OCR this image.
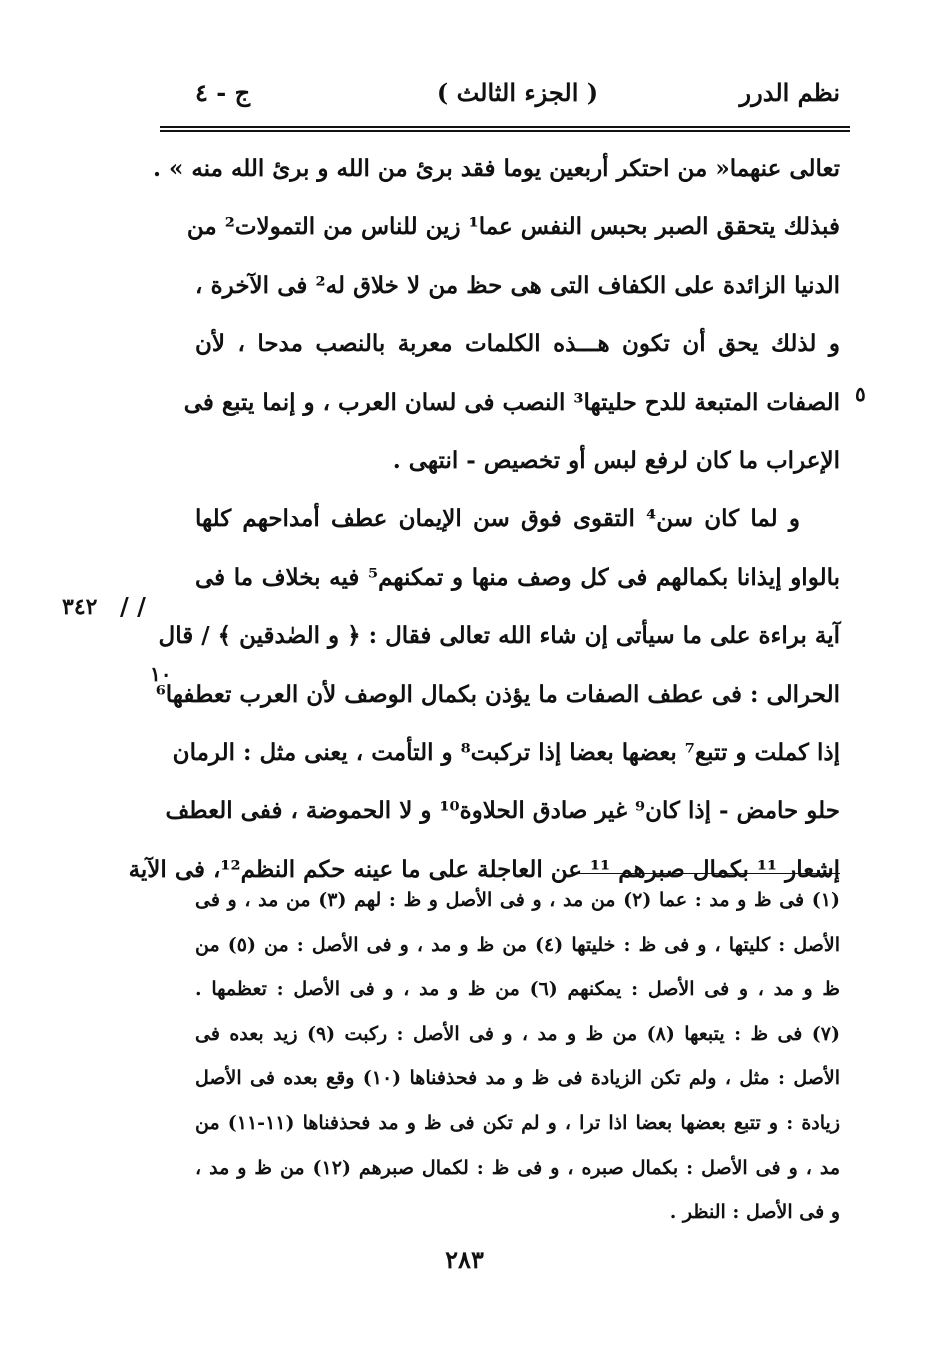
نظم الدرر
( الجزء الثالث )
ج - ٤
تعالى عنهما« من احتكر أربعين يوما فقد برئ من الله و برئ الله منه » .
فبذلك يتحقق الصبر بحبس النفس عما¹ زين للناس من التمولات² من
الدنيا الزائدة على الكفاف التى هى حظ من لا خلاق له² فى الآخرة ،
و لذلك يحق أن تكون هـــذه الكلمات معربة بالنصب مدحا ، لأن
الصفات المتبعة للدح حليتها³ النصب فى لسان العرب ، و إنما يتبع فى
الإعراب ما كان لرفع لبس أو تخصيص - انتهى .
و لما كان سن⁴ التقوى فوق سن الإيمان عطف أمداحهم كلها
بالواو إيذانا بكمالهم فى كل وصف منها و تمكنهم⁵ فيه بخلاف ما فى
آية براءة على ما سيأتى إن شاء الله تعالى فقال : ﴿ و الصٰدقين ﴾ / قال
الحرالى : فى عطف الصفات ما يؤذن بكمال الوصف لأن العرب تعطفها⁶
إذا كملت و تتبع⁷ بعضها بعضا إذا تركبت⁸ و التأمت ، يعنى مثل : الرمان
حلو حامض - إذا كان⁹ غير صادق الحلاوة¹⁰ و لا الحموضة ، ففى العطف
إشعار ¹¹ بكمال صبرهم ¹¹ عن العاجلة على ما عينه حكم النظم¹²، فى الآية
٣٤٢ / /
٥
١٠
(١) فى ظ و مد : عما (٢) من مد ، و فى الأصل و ظ : لهم (٣) من مد ، و فى
الأصل : كليتها ، و فى ظ : خليتها (٤) من ظ و مد ، و فى الأصل : من (٥) من
ظ و مد ، و فى الأصل : يمكنهم (٦) من ظ و مد ، و فى الأصل : تعظمها .
(٧) فى ظ : يتبعها (٨) من ظ و مد ، و فى الأصل : ركبت (٩) زيد بعده فى
الأصل : مثل ، ولم تكن الزيادة فى ظ و مد فحذفناها (١٠) وقع بعده فى الأصل
زيادة : و تتبع بعضها بعضا اذا ترا ، و لم تكن فى ظ و مد فحذفناها (١١-١١) من
مد ، و فى الأصل : بكمال صبره ، و فى ظ : لكمال صبرهم (١٢) من ظ و مد ،
و فى الأصل : النظر .
٢٨٣
